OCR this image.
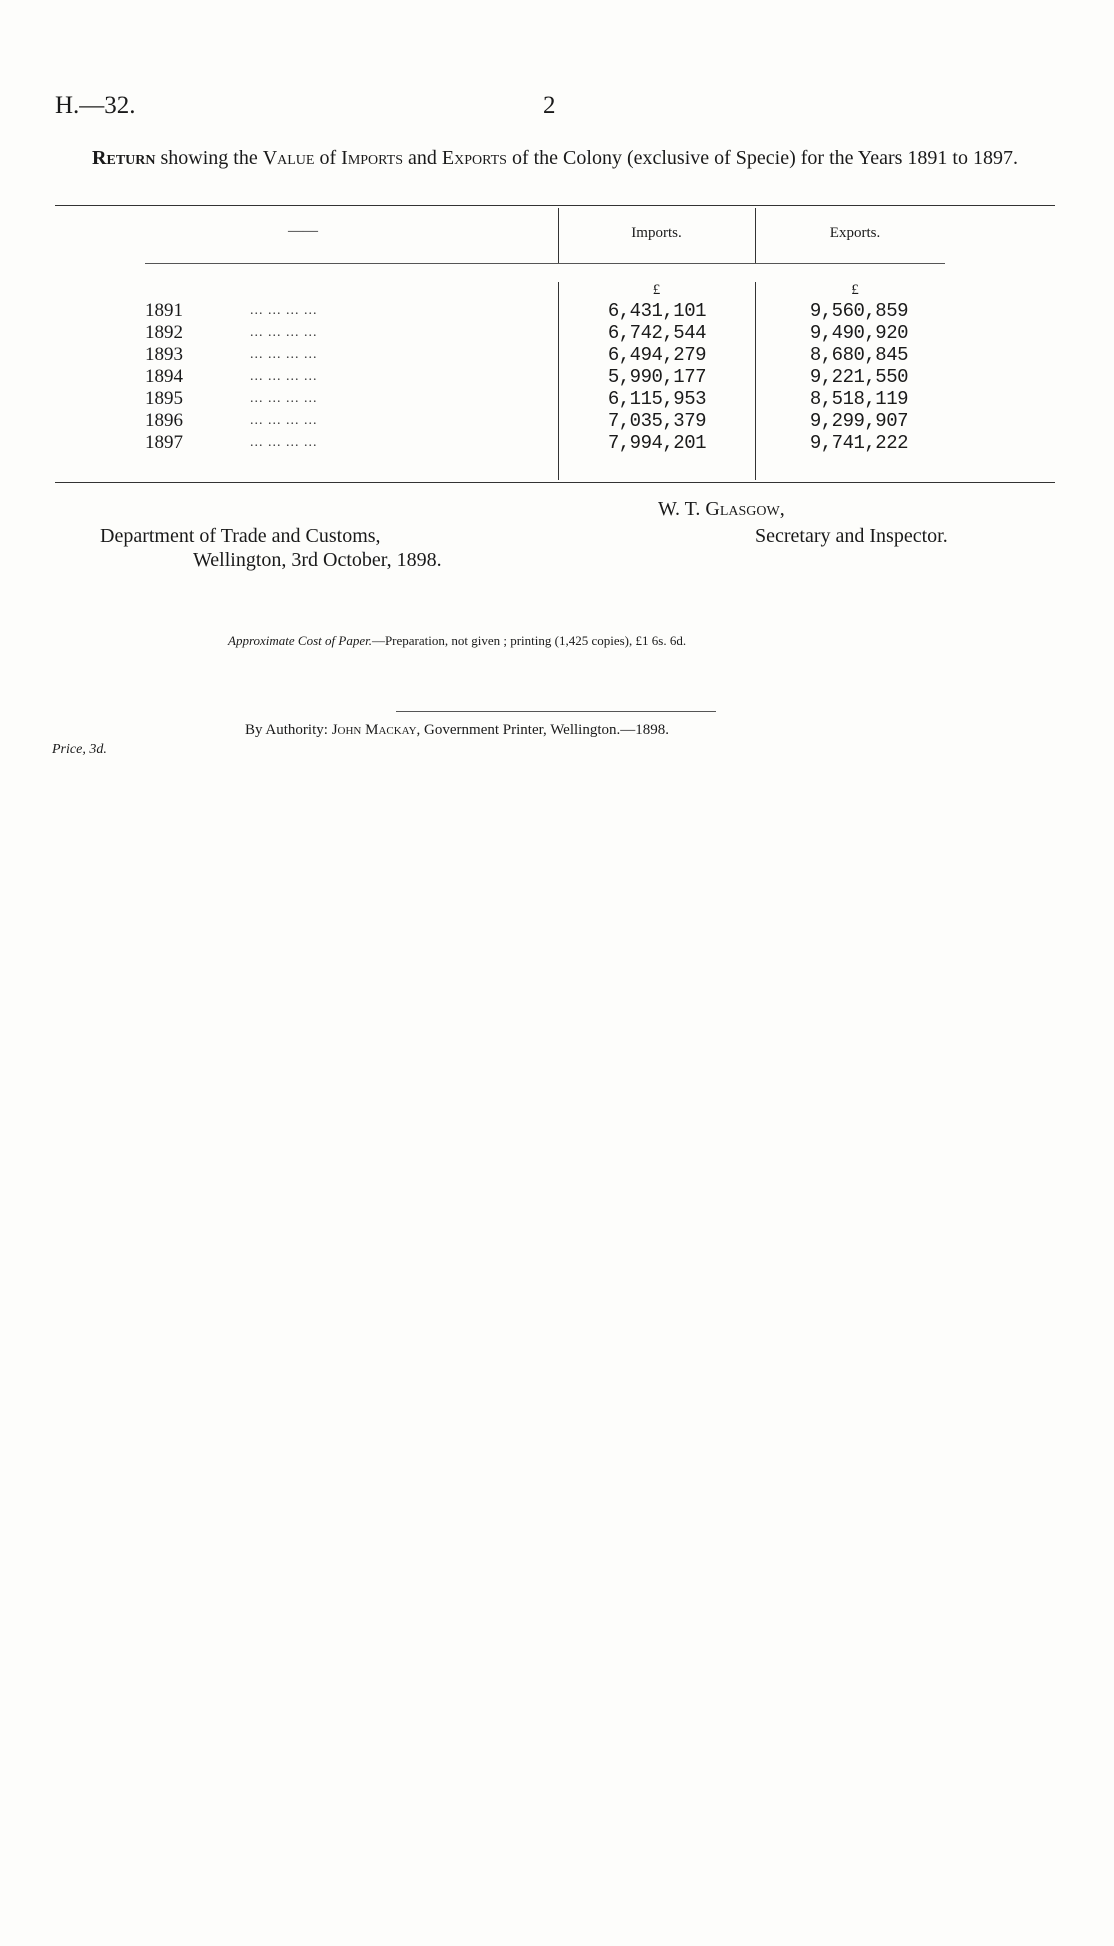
H.—32.	2
Return showing the Value of Imports and Exports of the Colony (exclusive of Specie) for the Years 1891 to 1897.
——	Imports.	Exports.
£	£
1891	... ... ... ...	6,431,101	9,560,859
1892	... ... ... ...	6,742,544	9,490,920
1893	... ... ... ...	6,494,279	8,680,845
1894	... ... ... ...	5,990,177	9,221,550
1895	... ... ... ...	6,115,953	8,518,119
1896	... ... ... ...	7,035,379	9,299,907
1897	... ... ... ...	7,994,201	9,741,222
W. T. Glasgow,
Secretary and Inspector.
Department of Trade and Customs,
Wellington, 3rd October, 1898.
Approximate Cost of Paper.—Preparation, not given ; printing (1,425 copies), £1 6s. 6d.
By Authority: John Mackay, Government Printer, Wellington.—1898.
Price, 3d.
